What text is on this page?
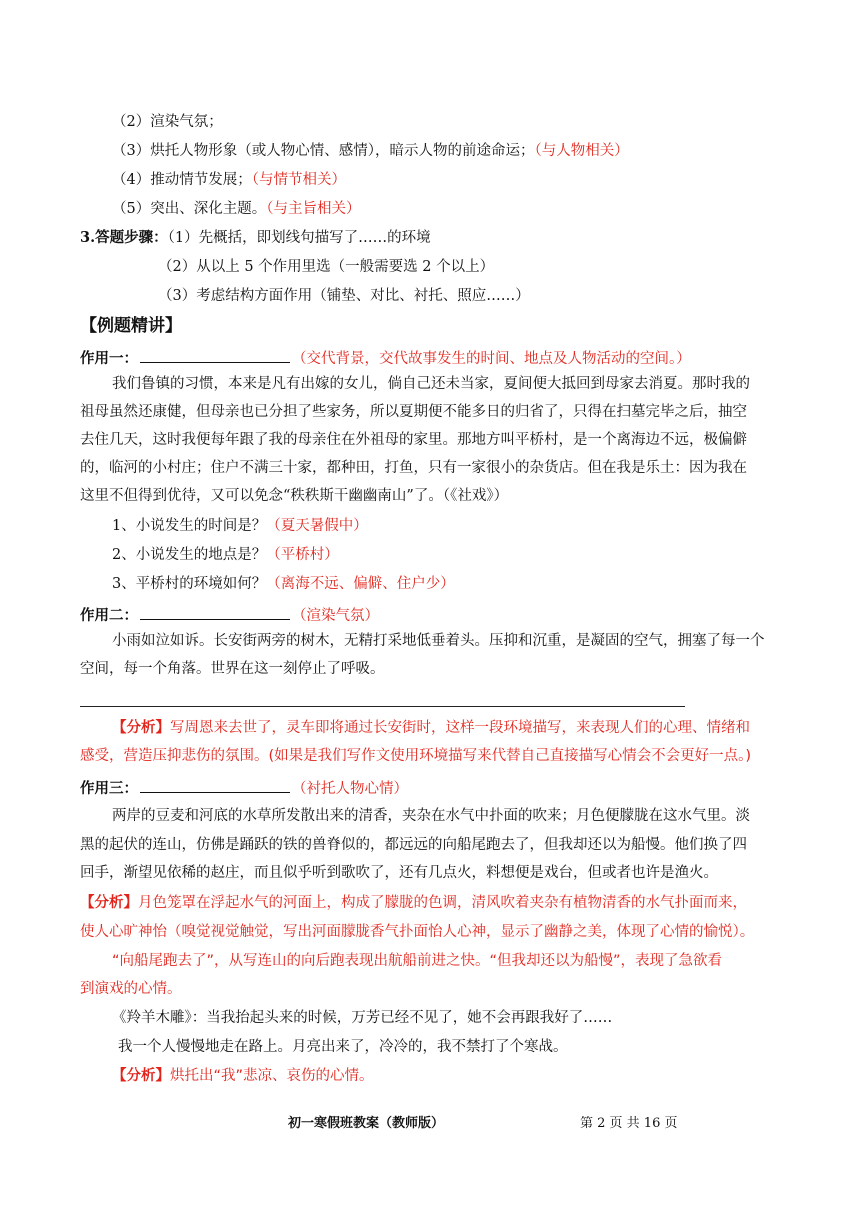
（2）渲染气氛；
（3）烘托人物形象（或人物心情、感情），暗示人物的前途命运；（与人物相关）
（4）推动情节发展；（与情节相关）
（5）突出、深化主题。（与主旨相关）
3.答题步骤：（1）先概括，即划线句描写了……的环境
（2）从以上 5 个作用里选（一般需要选 2 个以上）
（3）考虑结构方面作用（铺垫、对比、衬托、照应……）
【例题精讲】
作用一：	（交代背景，交代故事发生的时间、地点及人物活动的空间。）
我们鲁镇的习惯，本来是凡有出嫁的女儿，倘自己还未当家，夏间便大抵回到母家去消夏。那时我的
祖母虽然还康健，但母亲也已分担了些家务，所以夏期便不能多日的归省了，只得在扫墓完毕之后，抽空
去住几天，这时我便每年跟了我的母亲住在外祖母的家里。那地方叫平桥村，是一个离海边不远，极偏僻
的，临河的小村庄；住户不满三十家，都种田，打鱼，只有一家很小的杂货店。但在我是乐土：因为我在
这里不但得到优待，又可以免念“秩秩斯干幽幽南山”了。（《社戏》）
1、小说发生的时间是？（夏天暑假中）
2、小说发生的地点是？（平桥村）
3、平桥村的环境如何？（离海不远、偏僻、住户少）
作用二：	（渲染气氛）
小雨如泣如诉。长安街两旁的树木，无精打采地低垂着头。压抑和沉重，是凝固的空气，拥塞了每一个
空间，每一个角落。世界在这一刻停止了呼吸。
【分析】写周恩来去世了，灵车即将通过长安街时，这样一段环境描写，来表现人们的心理、情绪和
感受，营造压抑悲伤的氛围。(如果是我们写作文使用环境描写来代替自己直接描写心情会不会更好一点。)
作用三：	（衬托人物心情）
两岸的豆麦和河底的水草所发散出来的清香，夹杂在水气中扑面的吹来；月色便朦胧在这水气里。淡
黑的起伏的连山，仿佛是踊跃的铁的兽脊似的，都远远的向船尾跑去了，但我却还以为船慢。他们换了四
回手，渐望见依稀的赵庄，而且似乎听到歌吹了，还有几点火，料想便是戏台，但或者也许是渔火。
【分析】月色笼罩在浮起水气的河面上，构成了朦胧的色调，清风吹着夹杂有植物清香的水气扑面而来，
使人心旷神怡（嗅觉视觉触觉，写出河面朦胧香气扑面怡人心神，显示了幽静之美，体现了心情的愉悦）。
“向船尾跑去了”，从写连山的向后跑表现出航船前进之快。“但我却还以为船慢”，表现了急欲看
到演戏的心情。
《羚羊木雕》：当我抬起头来的时候，万芳已经不见了，她不会再跟我好了……
我一个人慢慢地走在路上。月亮出来了，冷冷的，我不禁打了个寒战。
【分析】烘托出“我”悲凉、哀伤的心情。
初一寒假班教案（教师版）	第 2 页 共 16 页
